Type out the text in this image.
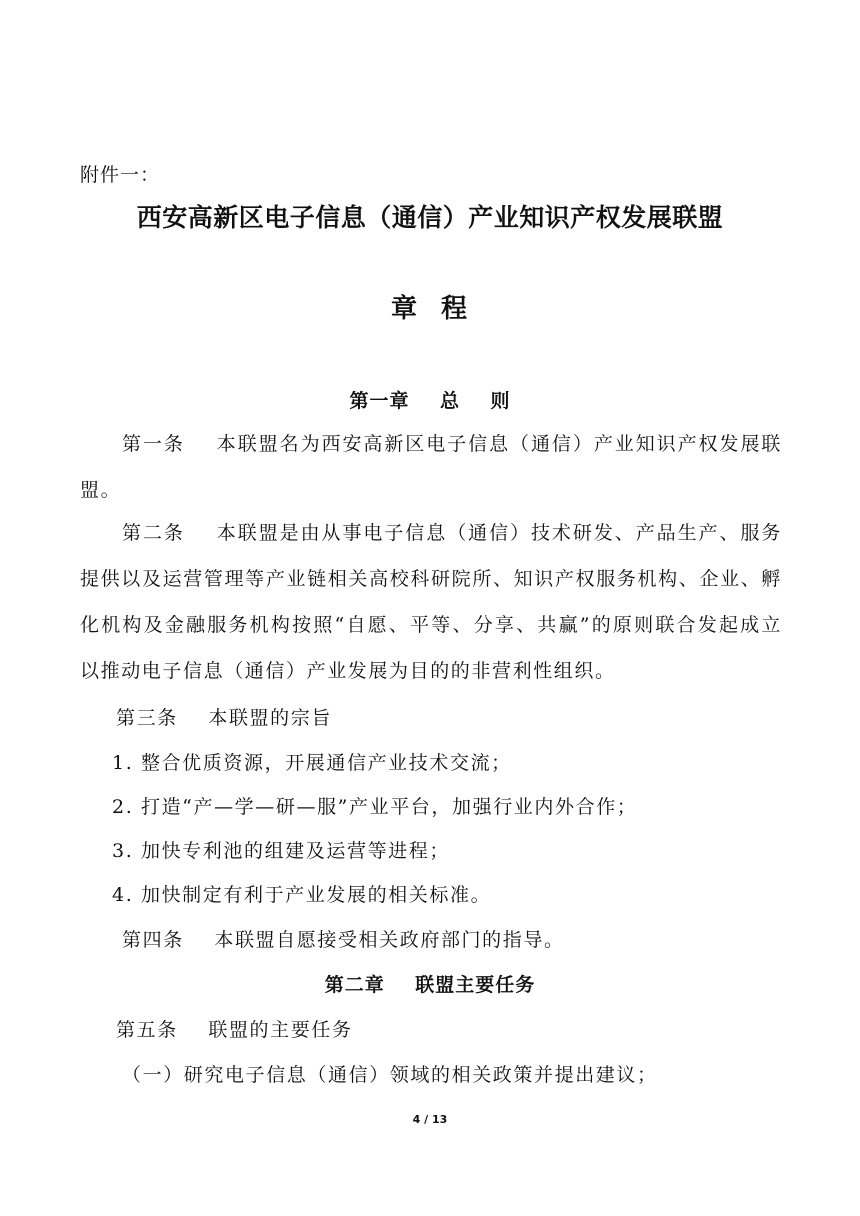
附件一：
西安高新区电子信息（通信）产业知识产权发展联盟
章  程
第一章    总    则
第一条    本联盟名为西安高新区电子信息（通信）产业知识产权发展联盟。
第二条    本联盟是由从事电子信息（通信）技术研发、产品生产、服务提供以及运营管理等产业链相关高校科研院所、知识产权服务机构、企业、孵化机构及金融服务机构按照“自愿、平等、分享、共赢”的原则联合发起成立以推动电子信息（通信）产业发展为目的的非营利性组织。
第三条    本联盟的宗旨
1. 整合优质资源，开展通信产业技术交流；
2. 打造“产—学—研—服”产业平台，加强行业内外合作；
3. 加快专利池的组建及运营等进程；
4. 加快制定有利于产业发展的相关标准。
第四条    本联盟自愿接受相关政府部门的指导。
第二章    联盟主要任务
第五条    联盟的主要任务
（一）研究电子信息（通信）领域的相关政策并提出建议；
4 / 13
